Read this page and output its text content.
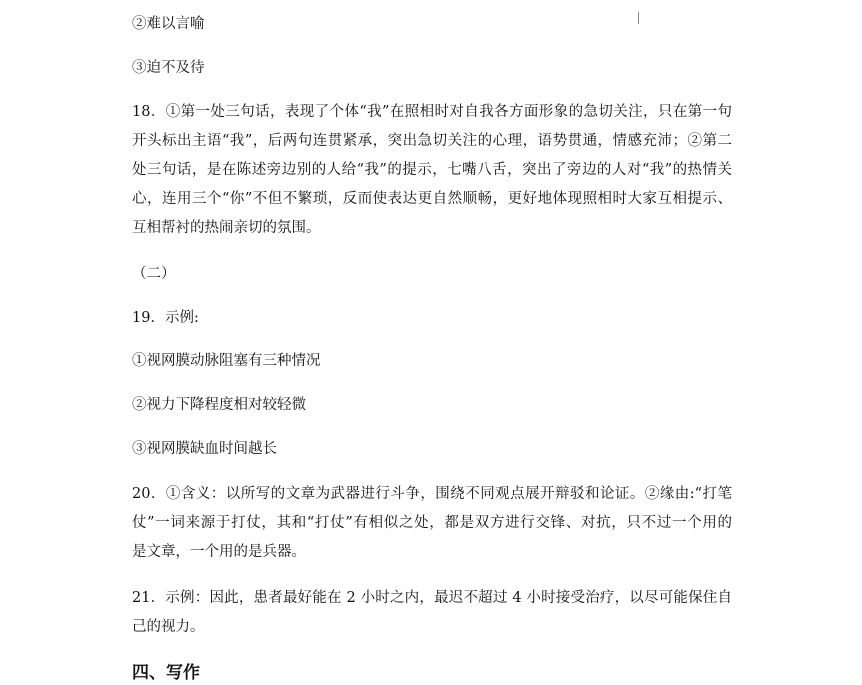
②难以言喻
③迫不及待
18．①第一处三句话，表现了个体“我”在照相时对自我各方面形象的急切关注，只在第一句
开头标出主语“我”，后两句连贯紧承，突出急切关注的心理，语势贯通，情感充沛；②第二
处三句话，是在陈述旁边别的人给“我”的提示，七嘴八舌，突出了旁边的人对“我”的热情关
心，连用三个“你”不但不繁琐，反而使表达更自然顺畅，更好地体现照相时大家互相提示、
互相帮衬的热闹亲切的氛围。
（二）
19．示例:
①视网膜动脉阻塞有三种情况
②视力下降程度相对较轻微
③视网膜缺血时间越长
20．①含义：以所写的文章为武器进行斗争，围绕不同观点展开辩驳和论证。②缘由:“打笔
仗”一词来源于打仗，其和“打仗”有相似之处，都是双方进行交锋、对抗，只不过一个用的
是文章，一个用的是兵器。
21．示例：因此，患者最好能在 2 小时之内，最迟不超过 4 小时接受治疗，以尽可能保住自
己的视力。
四、写作
